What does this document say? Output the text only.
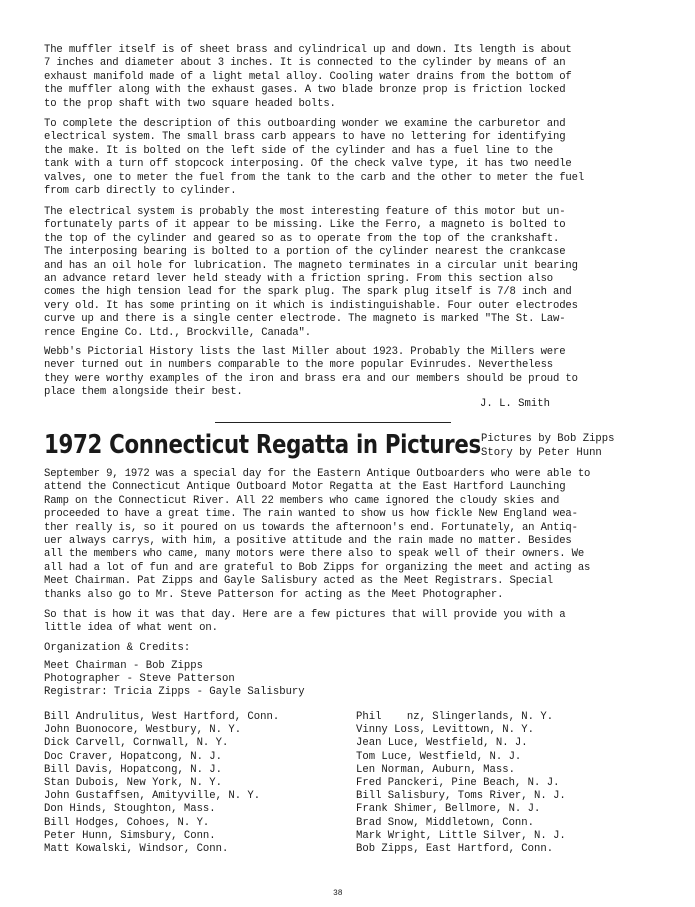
The muffler itself is of sheet brass and cylindrical up and down. Its length is about
7 inches and diameter about 3 inches. It is connected to the cylinder by means of an
exhaust manifold made of a light metal alloy. Cooling water drains from the bottom of
the muffler along with the exhaust gases. A two blade bronze prop is friction locked
to the prop shaft with two square headed bolts.

To complete the description of this outboarding wonder we examine the carburetor and
electrical system. The small brass carb appears to have no lettering for identifying
the make. It is bolted on the left side of the cylinder and has a fuel line to the
tank with a turn off stopcock interposing. Of the check valve type, it has two needle
valves, one to meter the fuel from the tank to the carb and the other to meter the fuel
from carb directly to cylinder.

The electrical system is probably the most interesting feature of this motor but un-
fortunately parts of it appear to be missing. Like the Ferro, a magneto is bolted to
the top of the cylinder and geared so as to operate from the top of the crankshaft.
The interposing bearing is bolted to a portion of the cylinder nearest the crankcase
and has an oil hole for lubrication. The magneto terminates in a circular unit bearing
an advance retard lever held steady with a friction spring. From this section also
comes the high tension lead for the spark plug. The spark plug itself is 7/8 inch and
very old. It has some printing on it which is indistinguishable. Four outer electrodes
curve up and there is a single center electrode. The magneto is marked "The St. Law-
rence Engine Co. Ltd., Brockville, Canada".

Webb's Pictorial History lists the last Miller about 1923. Probably the Millers were
never turned out in numbers comparable to the more popular Evinrudes. Nevertheless
they were worthy examples of the iron and brass era and our members should be proud to
place them alongside their best.

J. L. Smith
1972 Connecticut Regatta in Pictures Pictures by Bob Zipps
Story by Peter Hunn

September 9, 1972 was a special day for the Eastern Antique Outboarders who were able to
attend the Connecticut Antique Outboard Motor Regatta at the East Hartford Launching
Ramp on the Connecticut River. All 22 members who came ignored the cloudy skies and
proceeded to have a great time. The rain wanted to show us how fickle New England wea-
ther really is, so it poured on us towards the afternoon's end. Fortunately, an Antiq-
uer always carrys, with him, a positive attitude and the rain made no matter. Besides
all the members who came, many motors were there also to speak well of their owners. We
all had a lot of fun and are grateful to Bob Zipps for organizing the meet and acting as
Meet Chairman. Pat Zipps and Gayle Salisbury acted as the Meet Registrars. Special
thanks also go to Mr. Steve Patterson for acting as the Meet Photographer.

So that is how it was that day. Here are a few pictures that will provide you with a
little idea of what went on.

Organization & Credits:
Meet Chairman - Bob Zipps
Photographer - Steve Patterson
Registrar: Tricia Zipps - Gayle Salisbury
Bill Andrulitus, West Hartford, Conn.
John Buonocore, Westbury, N. Y.
Dick Carvell, Cornwall, N. Y.
Doc Craver, Hopatcong, N. J.
Bill Davis, Hopatcong, N. J.
Stan Dubois, New York, N. Y.
John Gustaffsen, Amityville, N. Y.
Don Hinds, Stoughton, Mass.
Bill Hodges, Cohoes, N. Y.
Peter Hunn, Simsbury, Conn.
Matt Kowalski, Windsor, Conn.
Phil    nz, Slingerlands, N. Y.
Vinny Loss, Levittown, N. Y.
Jean Luce, Westfield, N. J.
Tom Luce, Westfield, N. J.
Len Norman, Auburn, Mass.
Fred Panckeri, Pine Beach, N. J.
Bill Salisbury, Toms River, N. J.
Frank Shimer, Bellmore, N. J.
Brad Snow, Middletown, Conn.
Mark Wright, Little Silver, N. J.
Bob Zipps, East Hartford, Conn.
38
